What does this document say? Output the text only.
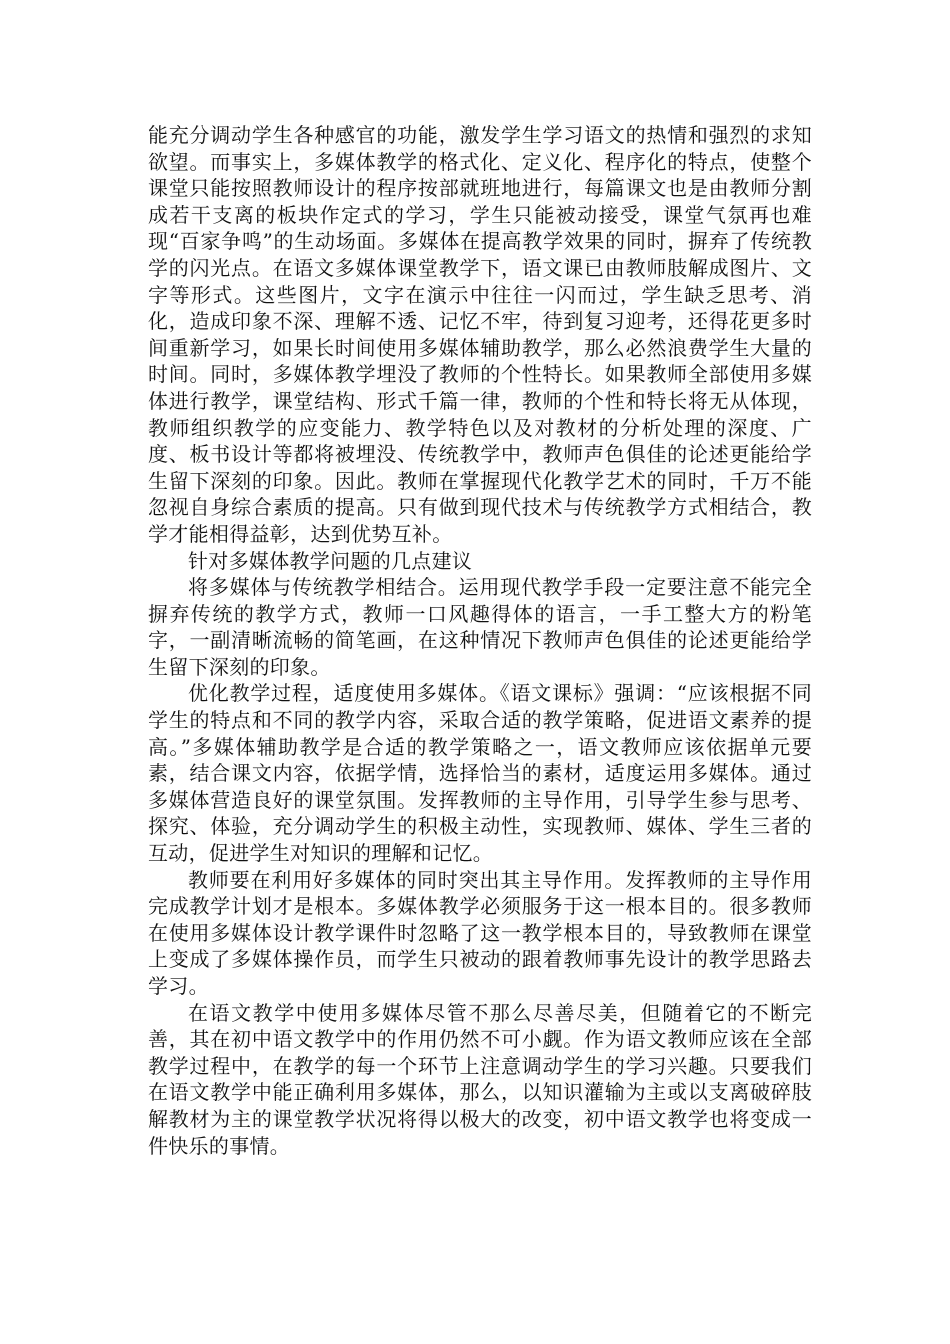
能充分调动学生各种感官的功能，激发学生学习语文的热情和强烈的求知欲望。而事实上，多媒体教学的格式化、定义化、程序化的特点，使整个课堂只能按照教师设计的程序按部就班地进行，每篇课文也是由教师分割成若干支离的板块作定式的学习，学生只能被动接受，课堂气氛再也难现“百家争鸣”的生动场面。多媒体在提高教学效果的同时，摒弃了传统教学的闪光点。在语文多媒体课堂教学下，语文课已由教师肢解成图片、文字等形式。这些图片，文字在演示中往往一闪而过，学生缺乏思考、消化，造成印象不深、理解不透、记忆不牢，待到复习迎考，还得花更多时间重新学习，如果长时间使用多媒体辅助教学，那么必然浪费学生大量的时间。同时，多媒体教学埋没了教师的个性特长。如果教师全部使用多媒体进行教学，课堂结构、形式千篇一律，教师的个性和特长将无从体现，教师组织教学的应变能力、教学特色以及对教材的分析处理的深度、广度、板书设计等都将被埋没、传统教学中，教师声色俱佳的论述更能给学生留下深刻的印象。因此。教师在掌握现代化教学艺术的同时，千万不能忽视自身综合素质的提高。只有做到现代技术与传统教学方式相结合，教学才能相得益彰，达到优势互补。

针对多媒体教学问题的几点建议

将多媒体与传统教学相结合。运用现代教学手段一定要注意不能完全摒弃传统的教学方式，教师一口风趣得体的语言，一手工整大方的粉笔字，一副清晰流畅的简笔画，在这种情况下教师声色俱佳的论述更能给学生留下深刻的印象。

优化教学过程，适度使用多媒体。《语文课标》强调：“应该根据不同学生的特点和不同的教学内容，采取合适的教学策略，促进语文素养的提高。”多媒体辅助教学是合适的教学策略之一，语文教师应该依据单元要素，结合课文内容，依据学情，选择恰当的素材，适度运用多媒体。通过多媒体营造良好的课堂氛围。发挥教师的主导作用，引导学生参与思考、探究、体验，充分调动学生的积极主动性，实现教师、媒体、学生三者的互动，促进学生对知识的理解和记忆。

教师要在利用好多媒体的同时突出其主导作用。发挥教师的主导作用完成教学计划才是根本。多媒体教学必须服务于这一根本目的。很多教师在使用多媒体设计教学课件时忽略了这一教学根本目的，导致教师在课堂上变成了多媒体操作员，而学生只被动的跟着教师事先设计的教学思路去学习。

在语文教学中使用多媒体尽管不那么尽善尽美，但随着它的不断完善，其在初中语文教学中的作用仍然不可小觑。作为语文教师应该在全部教学过程中，在教学的每一个环节上注意调动学生的学习兴趣。只要我们在语文教学中能正确利用多媒体，那么，以知识灌输为主或以支离破碎肢解教材为主的课堂教学状况将得以极大的改变，初中语文教学也将变成一件快乐的事情。
